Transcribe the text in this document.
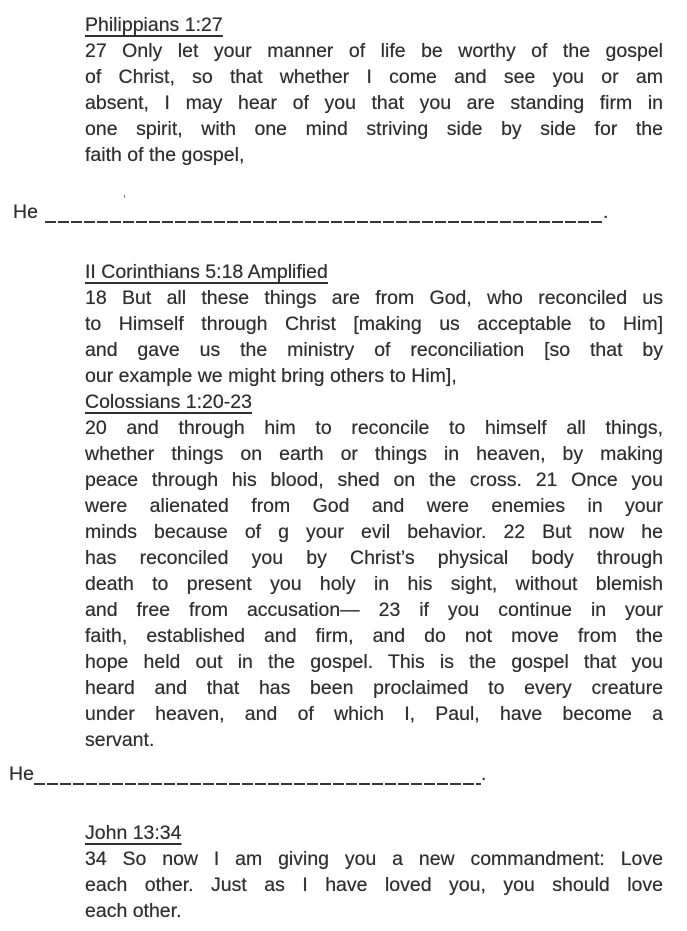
Philippians 1:27
27 Only let your manner of life be worthy of the gospel
of Christ, so that whether I come and see you or am
absent, I may hear of you that you are standing firm in
one spirit, with one mind striving side by side for the
faith of the gospel,
’
He	.
II Corinthians 5:18 Amplified
18 But all these things are from God, who reconciled us
to Himself through Christ [making us acceptable to Him]
and gave us the ministry of reconciliation [so that by
our example we might bring others to Him],
Colossians 1:20-23
20 and through him to reconcile to himself all things,
whether things on earth or things in heaven, by making
peace through his blood, shed on the cross. 21 Once you
were alienated from God and were enemies in your
minds because of g your evil behavior. 22 But now he
has reconciled you by Christ’s physical body through
death to present you holy in his sight, without blemish
and free from accusation— 23 if you continue in your
faith, established and firm, and do not move from the
hope held out in the gospel. This is the gospel that you
heard and that has been proclaimed to every creature
under heaven, and of which I, Paul, have become a
servant.
He	.
John 13:34
34 So now I am giving you a new commandment: Love
each other. Just as I have loved you, you should love
each other.
